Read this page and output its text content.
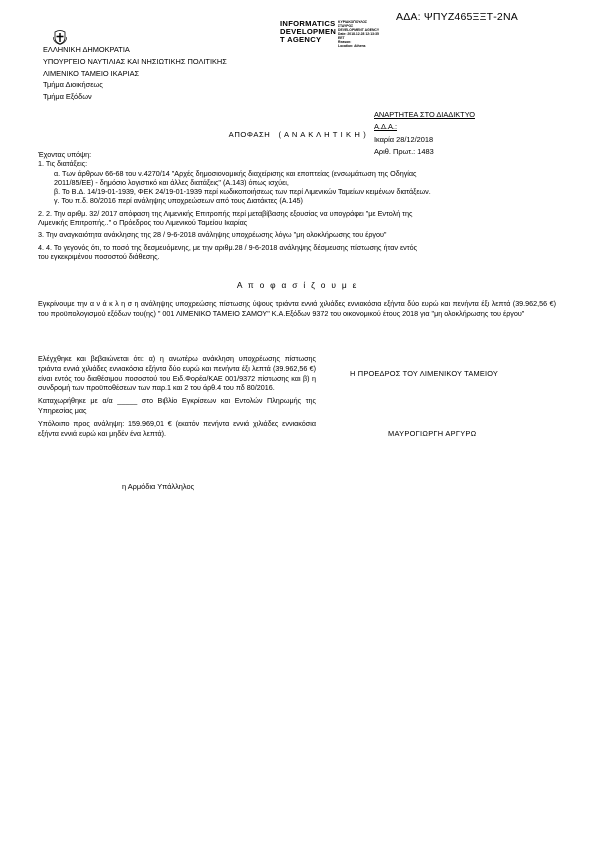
ΑΔΑ: ΨΠΥΖ465ΞΞΤ-2ΝΑ
ΕΛΛΗΝΙΚΗ ΔΗΜΟΚΡΑΤΙΑ
ΥΠΟΥΡΓΕΙΟ ΝΑΥΤΙΛΙΑΣ ΚΑΙ ΝΗΣΙΩΤΙΚΗΣ ΠΟΛΙΤΙΚΗΣ
ΛΙΜΕΝΙΚΟ ΤΑΜΕΙΟ ΙΚΑΡΙΑΣ
Τμήμα Διοικήσεως
Τμήμα Εξόδων
INFORMATICS
DEVELOPMEN
T AGENCY
ΚΥΡΙΑΚΟΠΟΥΛΟΣ
ΣΤΑΥΡΟΣ
DEVELOPMENT AGENCY
Date: 2018.12.28 12:13:35
EET
Reason:
Location: Athens
ΑΝΑΡΤΗΤΕΑ ΣΤΟ ΔΙΑΔΙΚΤΥΟ
Α.Δ.Α.:
Ικαρία 28/12/2018
Αριθ. Πρωτ.: 1483
ΑΠΟΦΑΣΗ   ( Α Ν Α Κ Λ Η Τ Ι Κ Η )

Έχοντας υπόψη:

1. Τις διατάξεις:

α. Των άρθρων 66-68 του ν.4270/14 "Αρχές δημοσιονομικής διαχείρισης και εποπτείας (ενσωμάτωση της Οδηγίας

2011/85/ΕΕ) - δημόσιο λογιστικό και άλλες διατάξεις" (Α.143) όπως ισχύει,

β. Το Β.Δ. 14/19-01-1939, ΦΕΚ 24/19-01-1939 περί κωδικοποιήσεως των περί Λιμενικών Ταμείων κειμένων διατάξεων.

γ. Του π.δ. 80/2016 περί ανάληψης υποχρεώσεων από τους Διατάκτες (Α.145)

2. 2. Την αριθμ. 32/ 2017 απόφαση της Λιμενικής Επιτροπής περί μεταβίβασης εξουσίας να υπογράφει "με Εντολή της

Λιμενικής Επιτροπής.." ο Πρόεδρος του Λιμενικού Ταμείου Ικαρίας

3. Την αναγκαιότητα ανάκλησης της 28 / 9-6-2018 ανάληψης υποχρέωσης λόγω "μη ολοκλήρωσης του έργου"

4. 4. Το γεγονός ότι, το ποσό της δεσμευόμενης, με την αριθμ.28 / 9-6-2018 ανάληψης δέσμευσης πίστωσης ήταν εντός

του εγκεκριμένου ποσοστού διάθεσης.

Α π ο φ α σ ί ζ ο υ μ ε
Εγκρίνουμε την α ν ά κ λ η σ η ανάληψης υποχρεώσης πίστωσης ύψους τριάντα εννιά χιλιάδες εννιακόσια εξήντα δύο ευρώ και πενήντα έξι λεπτά (39.962,56 €) του προϋπολογισμού εξόδων του(ης) " 001 ΛΙΜΕΝΙΚΟ ΤΑΜΕΙΟ ΣΑΜΟΥ" Κ.Α.Εξόδων 9372 του οικονομικού έτους 2018 για "μη ολοκλήρωσης του έργου"

Ελέγχθηκε και βεβαιώνεται ότι: α) η ανωτέρω ανάκληση υποχρέωσης πίστωσης τριάντα εννιά χιλιάδες εννιακόσια εξήντα δύο ευρώ και πενήντα έξι λεπτά (39.962,56 €) είναι εντός του διαθέσιμου ποσοστού του Ειδ.Φορέα/ΚΑΕ 001/9372 πίστωσης και β) η συνδρομή των προϋποθέσεων των παρ.1 και 2 του άρθ.4 του πδ 80/2016.

Καταχωρήθηκε με α/α _____ στο Βιβλίο Εγκρίσεων και Εντολών Πληρωμής της Υπηρεσίας μας

Υπόλοιπο προς ανάληψη: 159.969,01 € (εκατόν πενήντα εννιά χιλιάδες εννιακόσια εξήντα εννιά ευρώ και μηδέν ένα λεπτά).

η Αρμόδια Υπάλληλος
Η ΠΡΟΕΔΡΟΣ ΤΟΥ ΛΙΜΕΝΙΚΟΥ ΤΑΜΕΙΟΥ
ΜΑΥΡΟΓΙΩΡΓΗ ΑΡΓΥΡΩ
